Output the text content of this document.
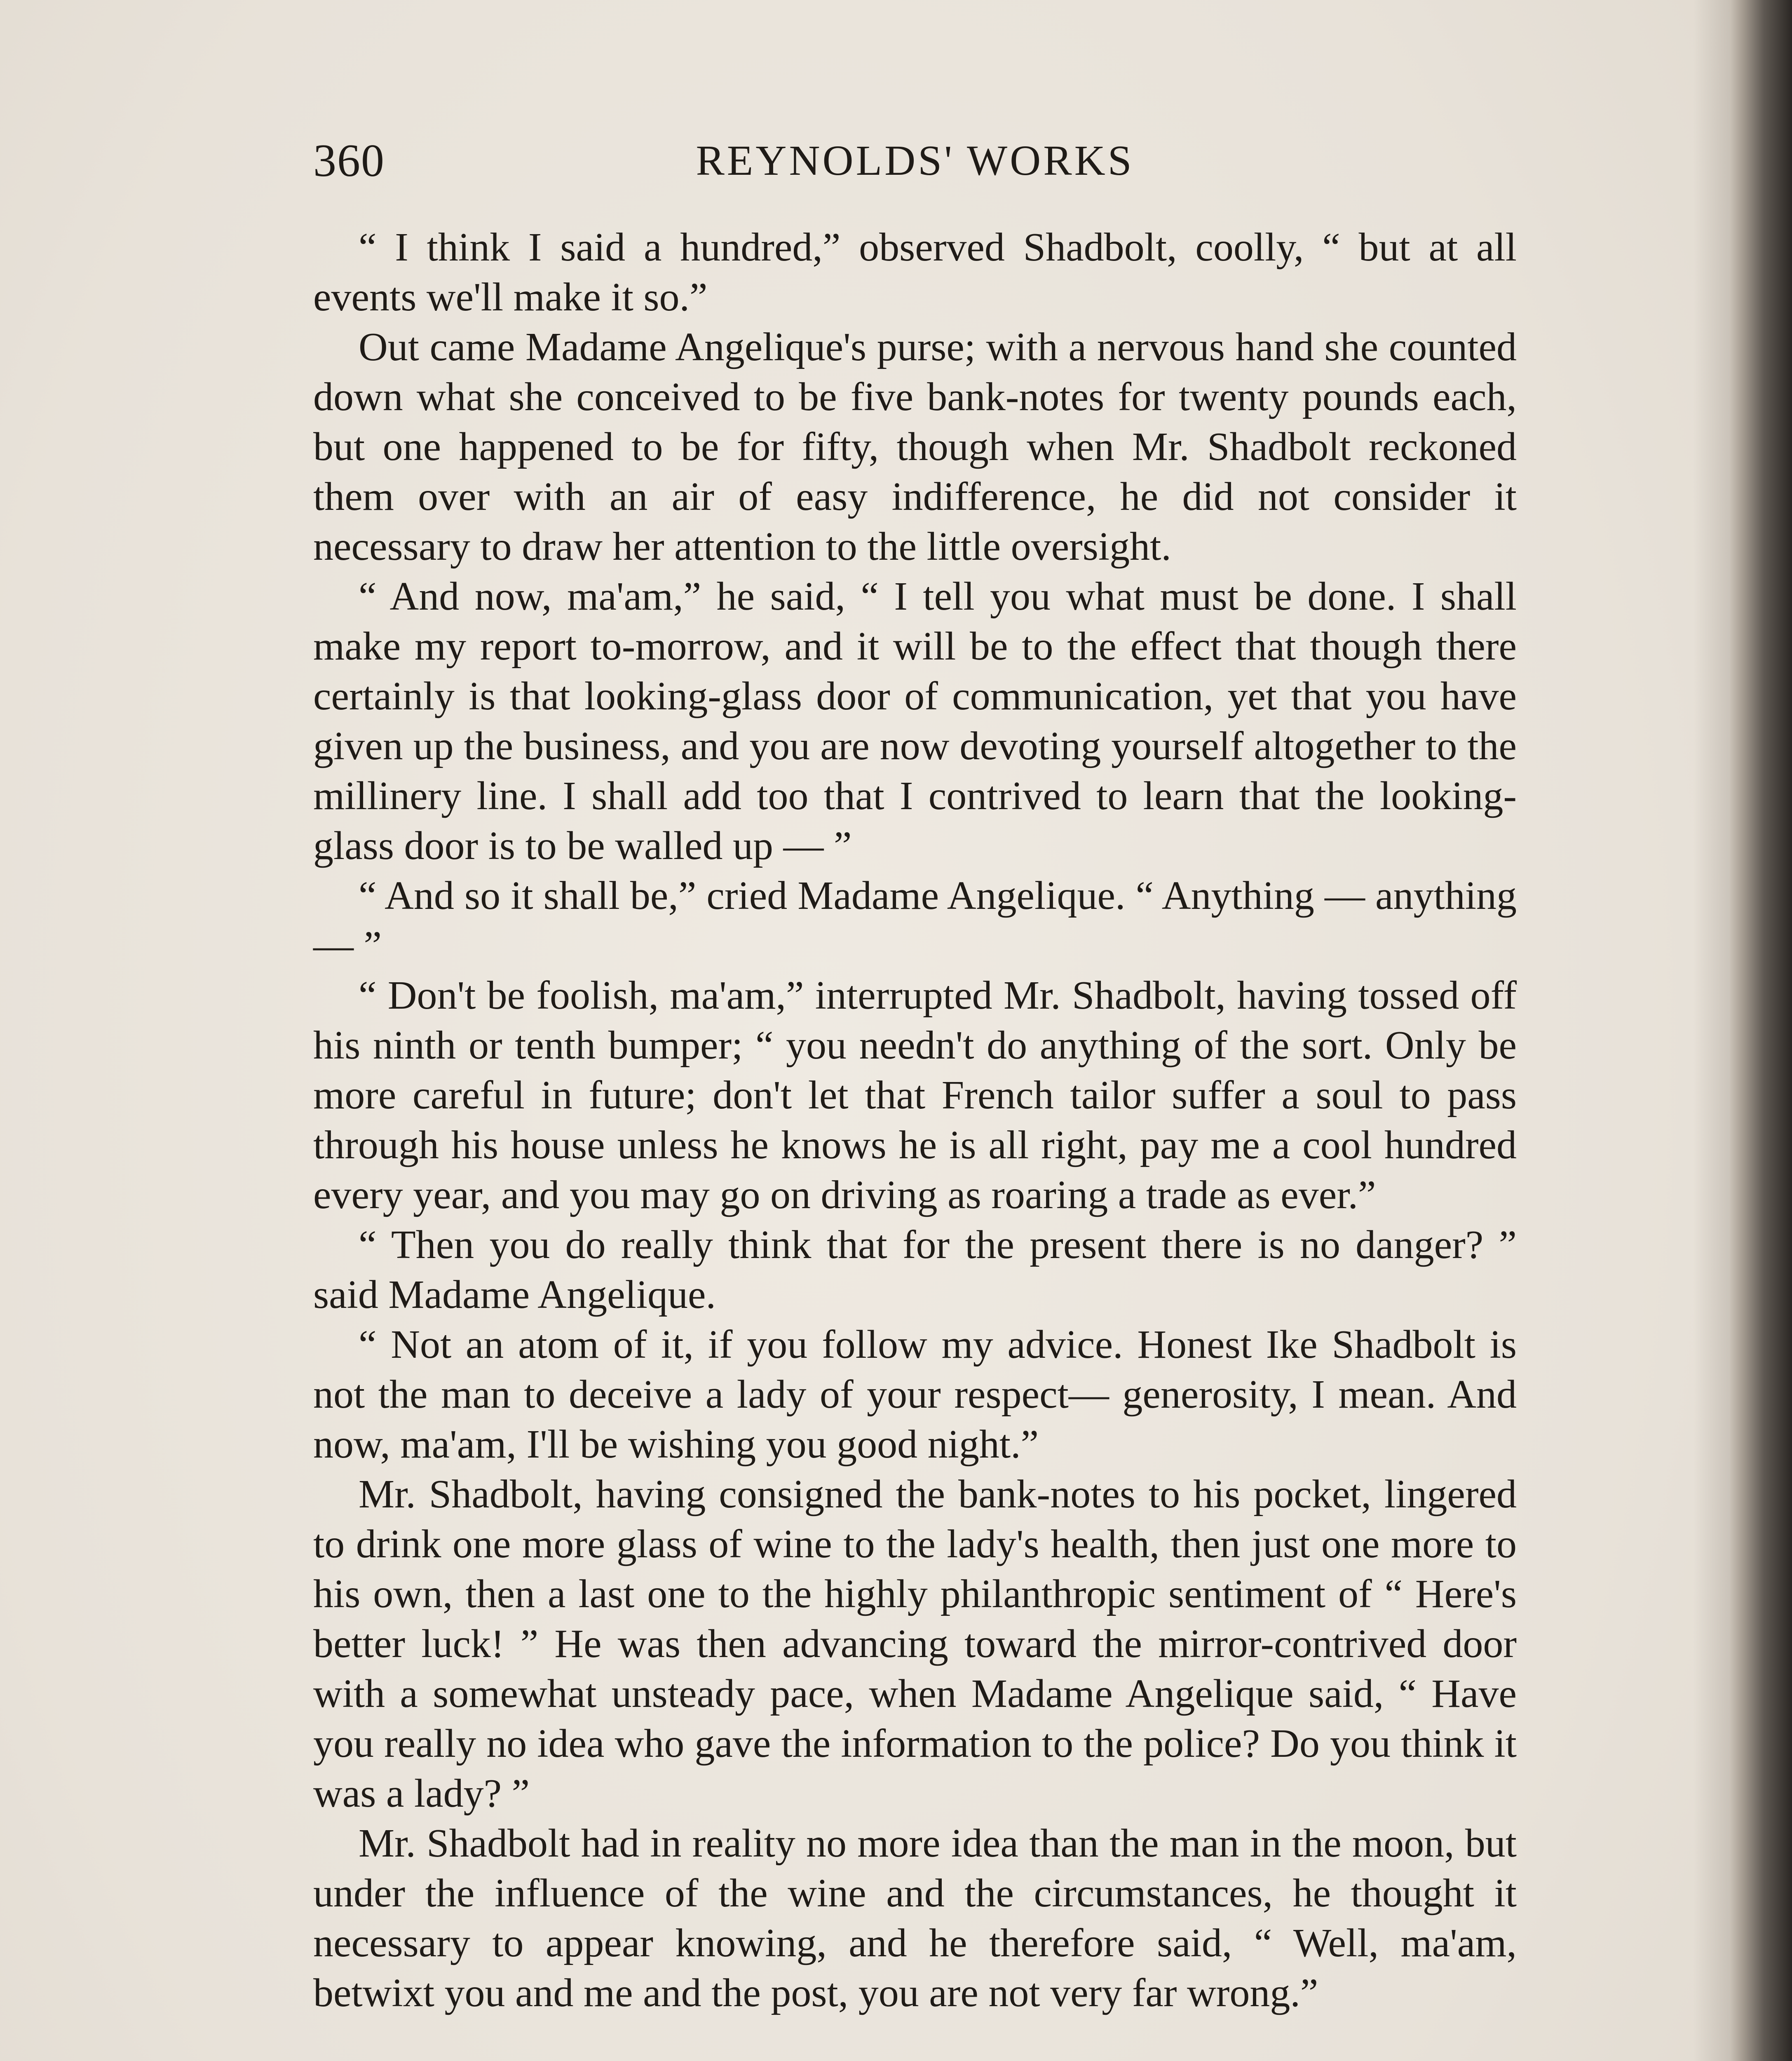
360	REYNOLDS' WORKS

“ I think I said a hundred,” observed Shadbolt, coolly, “ but at all events we'll make it so.”

Out came Madame Angelique's purse; with a nervous hand she counted down what she conceived to be five bank-notes for twenty pounds each, but one happened to be for fifty, though when Mr. Shadbolt reckoned them over with an air of easy indifference, he did not consider it necessary to draw her attention to the little oversight.

“ And now, ma'am,” he said, “ I tell you what must be done. I shall make my report to-morrow, and it will be to the effect that though there certainly is that looking-glass door of communication, yet that you have given up the business, and you are now devoting yourself altogether to the millinery line. I shall add too that I contrived to learn that the looking-glass door is to be walled up — ”

“ And so it shall be,” cried Madame Angelique. “ Anything — anything — ”

“ Don't be foolish, ma'am,” interrupted Mr. Shadbolt, having tossed off his ninth or tenth bumper; “ you needn't do anything of the sort. Only be more careful in future; don't let that French tailor suffer a soul to pass through his house unless he knows he is all right, pay me a cool hundred every year, and you may go on driving as roaring a trade as ever.”

“ Then you do really think that for the present there is no danger? ” said Madame Angelique.

“ Not an atom of it, if you follow my advice. Honest Ike Shadbolt is not the man to deceive a lady of your respect— generosity, I mean. And now, ma'am, I'll be wishing you good night.”

Mr. Shadbolt, having consigned the bank-notes to his pocket, lingered to drink one more glass of wine to the lady's health, then just one more to his own, then a last one to the highly philanthropic sentiment of “ Here's better luck! ” He was then advancing toward the mirror-contrived door with a somewhat unsteady pace, when Madame Angelique said, “ Have you really no idea who gave the information to the police? Do you think it was a lady? ”

Mr. Shadbolt had in reality no more idea than the man in the moon, but under the influence of the wine and the circumstances, he thought it necessary to appear knowing, and he therefore said, “ Well, ma'am, betwixt you and me and the post, you are not very far wrong.”
